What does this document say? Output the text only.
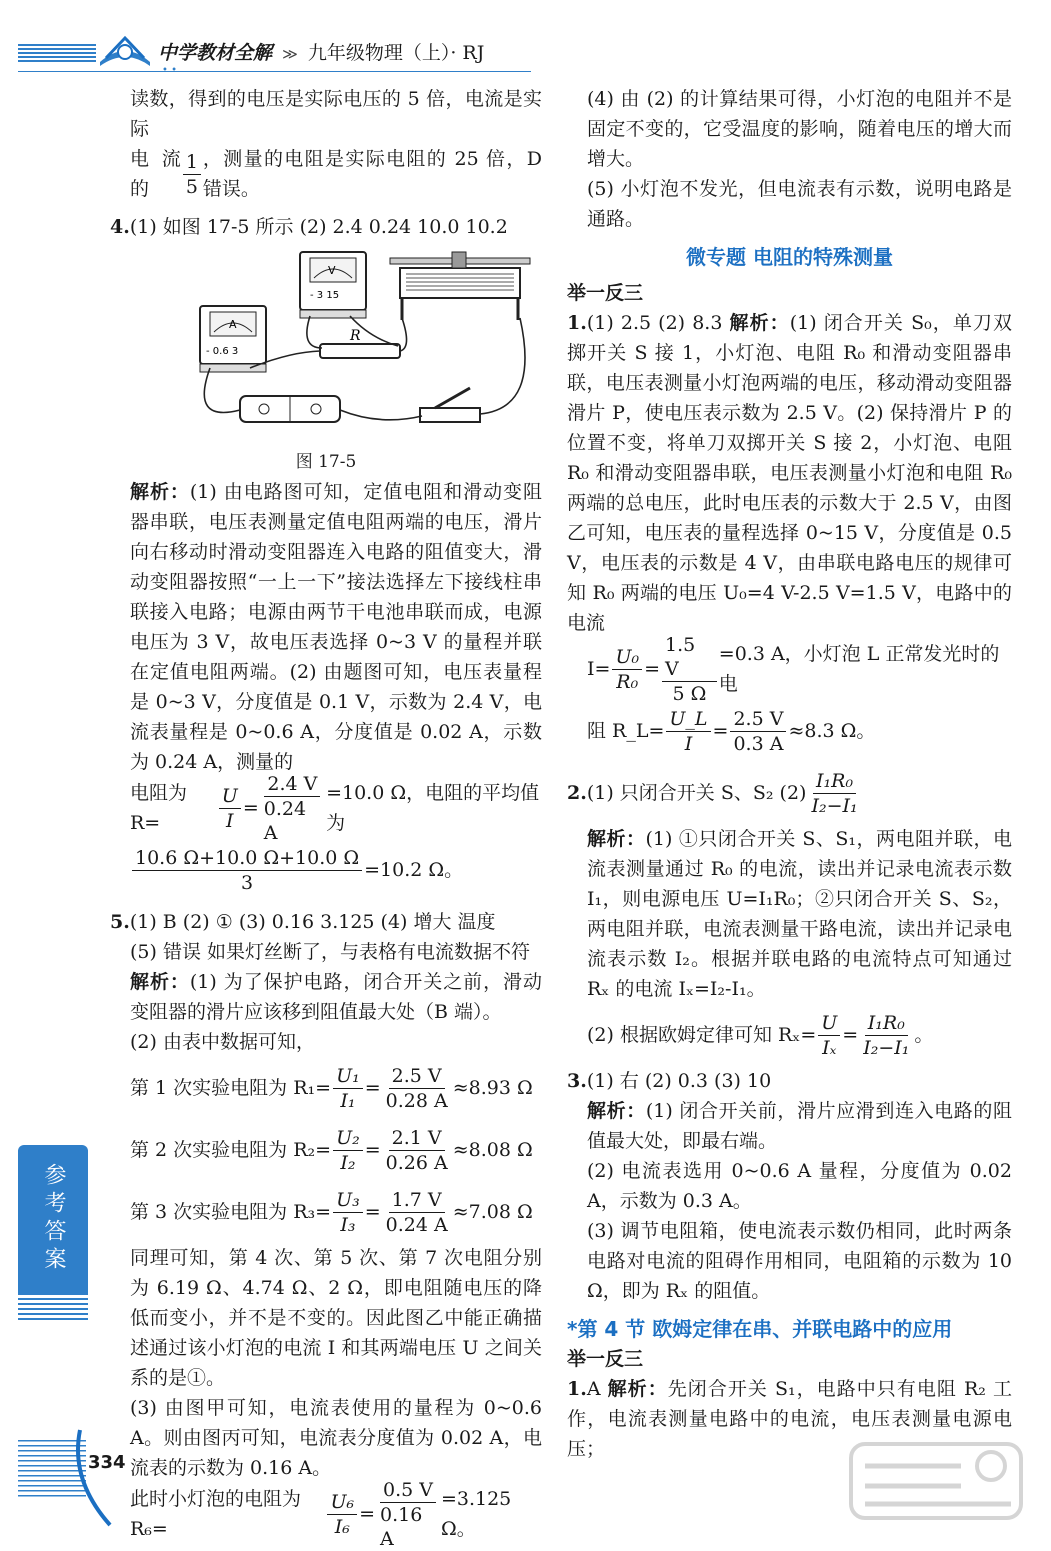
中学教材全解 ≫ 九年级物理（上）· RJ

读数，得到的电压是实际电压的 5 倍，电流是实际

电流的	$\frac{1}{5}$ ，测量的电阻是实际电阻的 25 倍，D 错误。

4.(1) 如图 17-5 所示 (2) 2.4 0.24 10.0 10.2

V
- 3 15
A
- 0.6 3
R

图 17-5

解析：(1) 由电路图可知，定值电阻和滑动变阻器串联，电压表测量定值电阻两端的电压，滑片向右移动时滑动变阻器连入电路的阻值变大，滑动变阻器按照“一上一下”接法选择左下接线柱串联接入电路；电源由两节干电池串联而成，电源电压为 3 V，故电压表选择 0~3 V 的量程并联在定值电阻两端。(2) 由题图可知，电压表量程是 0~3 V，分度值是 0.1 V，示数为 2.4 V，电流表量程是 0~0.6 A，分度值是 0.02 A，示数为 0.24 A，测量的

电阻为 R=	$\frac{U}{I} = \frac{2.4 V}{0.24 A} =10.0$ Ω，电阻的平均值为
$\frac{10.6 \Omega+10.0 \Omega+10.0 \Omega}{3} =10.2$ Ω。

5.(1) B (2) ① (3) 0.16 3.125 (4) 增大 温度

(5) 错误 如果灯丝断了，与表格有电流数据不符

解析：(1) 为了保护电路，闭合开关之前，滑动变阻器的滑片应该移到阻值最大处（B 端）。

(2) 由表中数据可知，

第 1 次实验电阻为 $R_1= \frac{\text{U₁}}{\text{I₁}} = \frac{2.5 V}{0.28 A} \approx 8.93$ Ω
第 2 次实验电阻为 $R_2= \frac{\text{U₂}}{\text{I₂}} = \frac{2.1 V}{0.26 A} \approx 8.08$ Ω
第 3 次实验电阻为 $R_3= \frac{\text{U₃}}{\text{I₃}} = \frac{1.7 V}{0.24 A} \approx 7.08$ Ω

同理可知，第 4 次、第 5 次、第 7 次电阻分别为 6.19 Ω、4.74 Ω、2 Ω，即电阻随电压的降低而变小，并不是不变的。因此图乙中能正确描述通过该小灯泡的电流 I 和其两端电压 U 之间关系的是①。

(3) 由图甲可知，电流表使用的量程为 0~0.6 A。则由图丙可知，电流表分度值为 0.02 A，电流表的示数为 0.16 A。

此时小灯泡的电阻为 R₆=	$\frac{\text{U₆}}{\text{I₆}} = \frac{0.5 V}{0.16 A} =3.125$ Ω。

(4) 由 (2) 的计算结果可得，小灯泡的电阻并不是固定不变的，它受温度的影响，随着电压的增大而增大。

(5) 小灯泡不发光，但电流表有示数，说明电路是通路。

微专题 电阻的特殊测量
举一反三

1.(1) 2.5 (2) 8.3 解析：(1) 闭合开关 S₀，单刀双掷开关 S 接 1，小灯泡、电阻 R₀ 和滑动变阻器串联，电压表测量小灯泡两端的电压，移动滑动变阻器滑片 P，使电压表示数为 2.5 V。(2) 保持滑片 P 的位置不变，将单刀双掷开关 S 接 2，小灯泡、电阻 R₀ 和滑动变阻器串联，电压表测量小灯泡和电阻 R₀ 两端的总电压，此时电压表的示数大于 2.5 V，由图乙可知，电压表的量程选择 0~15 V，分度值是 0.5 V，电压表的示数是 4 V，由串联电路电压的规律可知 R₀ 两端的电压 U₀=4 V-2.5 V=1.5 V，电路中的电流

$I= \frac{\text{U₀}}{\text{R₀}} = \frac{1.5 V}{5 \Omega} =0.3$ A，小灯泡 L 正常发光时的电
阻 R_L= $\frac{U\_L}{I} = \frac{2.5 V}{0.3 A} \approx 8.3$ Ω。
2. (1) 只闭合开关 S、S₂ $(2) \frac{\text{I₁R₀}}{\text{I₂−I₁}}$

解析：(1) ①只闭合开关 S、S₁，两电阻并联，电流表测量通过 R₀ 的电流，读出并记录电流表示数 I₁，则电源电压 U=I₁R₀；②只闭合开关 S、S₂，两电阻并联，电流表测量干路电流，读出并记录电流表示数 I₂。根据并联电路的电流特点可知通过 Rₓ 的电流 Iₓ=I₂-I₁。

(2) 根据欧姆定律可知 $R_x= \frac{U}{\text{Iₓ}} = \frac{\text{I₁R₀}}{\text{I₂−I₁}}$ 。

3.(1) 右 (2) 0.3 (3) 10

解析：(1) 闭合开关前，滑片应滑到连入电路的阻值最大处，即最右端。

(2) 电流表选用 0~0.6 A 量程，分度值为 0.02 A，示数为 0.3 A。

(3) 调节电阻箱，使电流表示数仍相同，此时两条电路对电流的阻碍作用相同，电阻箱的示数为 10 Ω，即为 Rₓ 的阻值。

*第 4 节 欧姆定律在串、并联电路中的应用
举一反三

1.A 解析：先闭合开关 S₁，电路中只有电阻 R₂ 工作，电流表测量电路中的电流，电压表测量电源电压；

参考答案
334
